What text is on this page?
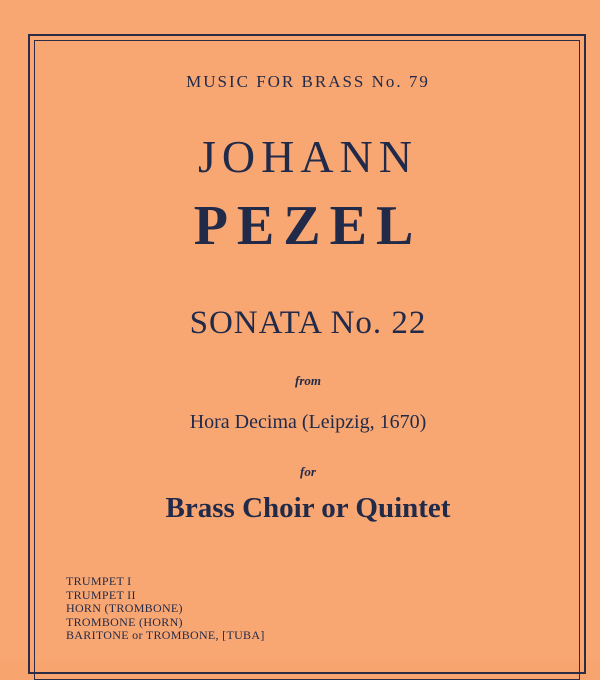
MUSIC FOR BRASS No. 79
JOHANN
PEZEL
SONATA No. 22
from
Hora Decima (Leipzig, 1670)
for
Brass Choir or Quintet
TRUMPET I
TRUMPET II
HORN (TROMBONE)
TROMBONE (HORN)
BARITONE or TROMBONE, [TUBA]
